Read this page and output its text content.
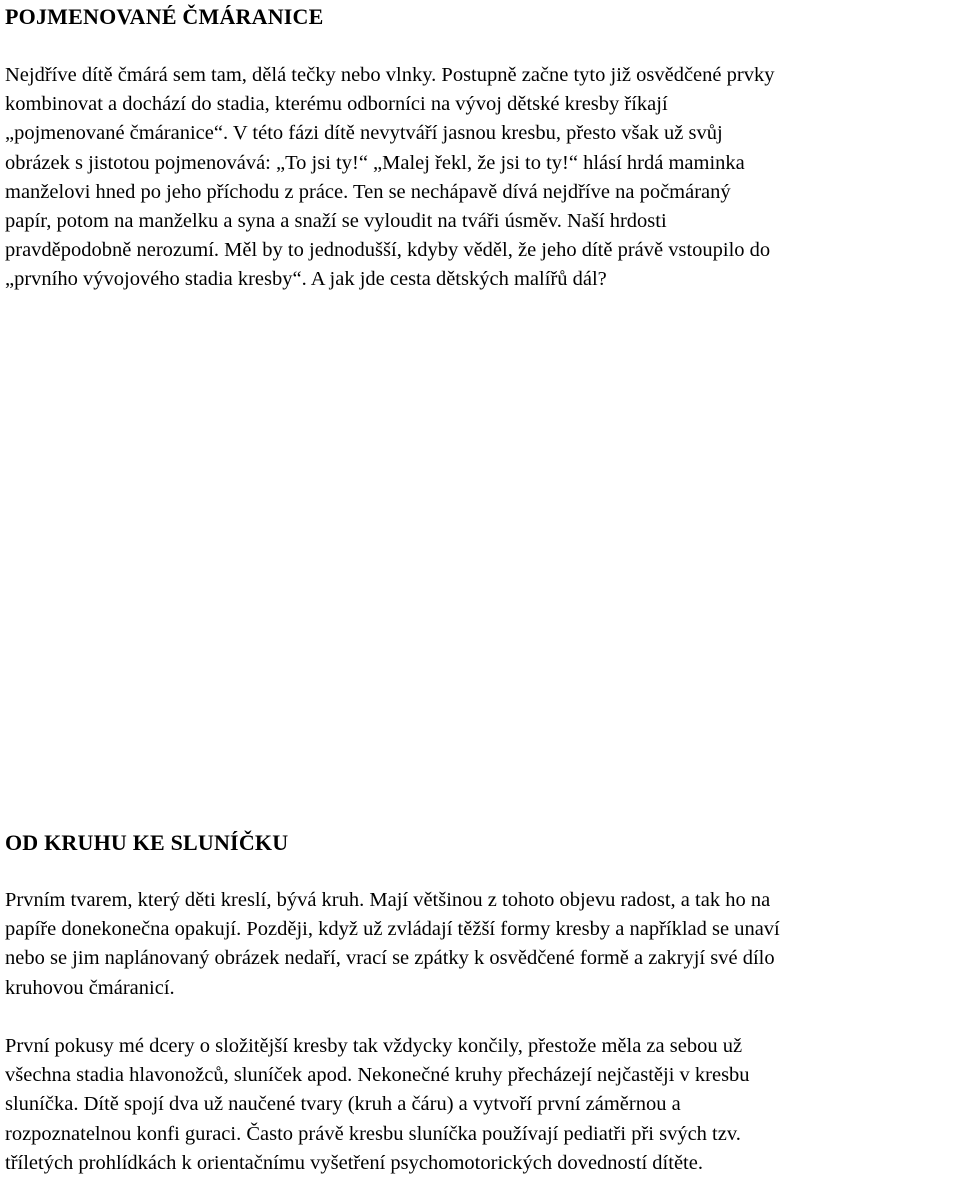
POJMENOVANÉ ČMÁRANICE

Nejdříve dítě čmárá sem tam, dělá tečky nebo vlnky. Postupně začne tyto již osvědčené prvky
kombinovat a dochází do stadia, kterému odborníci na vývoj dětské kresby říkají
„pojmenované čmáranice“. V této fázi dítě nevytváří jasnou kresbu, přesto však už svůj
obrázek s jistotou pojmenovává: „To jsi ty!“ „Malej řekl, že jsi to ty!“ hlásí hrdá maminka
manželovi hned po jeho příchodu z práce. Ten se nechápavě dívá nejdříve na počmáraný
papír, potom na manželku a syna a snaží se vyloudit na tváři úsměv. Naší hrdosti
pravděpodobně nerozumí. Měl by to jednodušší, kdyby věděl, že jeho dítě právě vstoupilo do
„prvního vývojového stadia kresby“. A jak jde cesta dětských malířů dál?

OD KRUHU KE SLUNÍČKU

Prvním tvarem, který děti kreslí, bývá kruh. Mají většinou z tohoto objevu radost, a tak ho na
papíře donekonečna opakují. Později, když už zvládají těžší formy kresby a například se unaví
nebo se jim naplánovaný obrázek nedaří, vrací se zpátky k osvědčené formě a zakryjí své dílo
kruhovou čmáranicí.

První pokusy mé dcery o složitější kresby tak vždycky končily, přestože měla za sebou už
všechna stadia hlavonožců, sluníček apod. Nekonečné kruhy přecházejí nejčastěji v kresbu
sluníčka. Dítě spojí dva už naučené tvary (kruh a čáru) a vytvoří první záměrnou a
rozpoznatelnou konfi guraci. Často právě kresbu sluníčka používají pediatři při svých tzv.
tříletých prohlídkách k orientačnímu vyšetření psychomotorických dovedností dítěte.
